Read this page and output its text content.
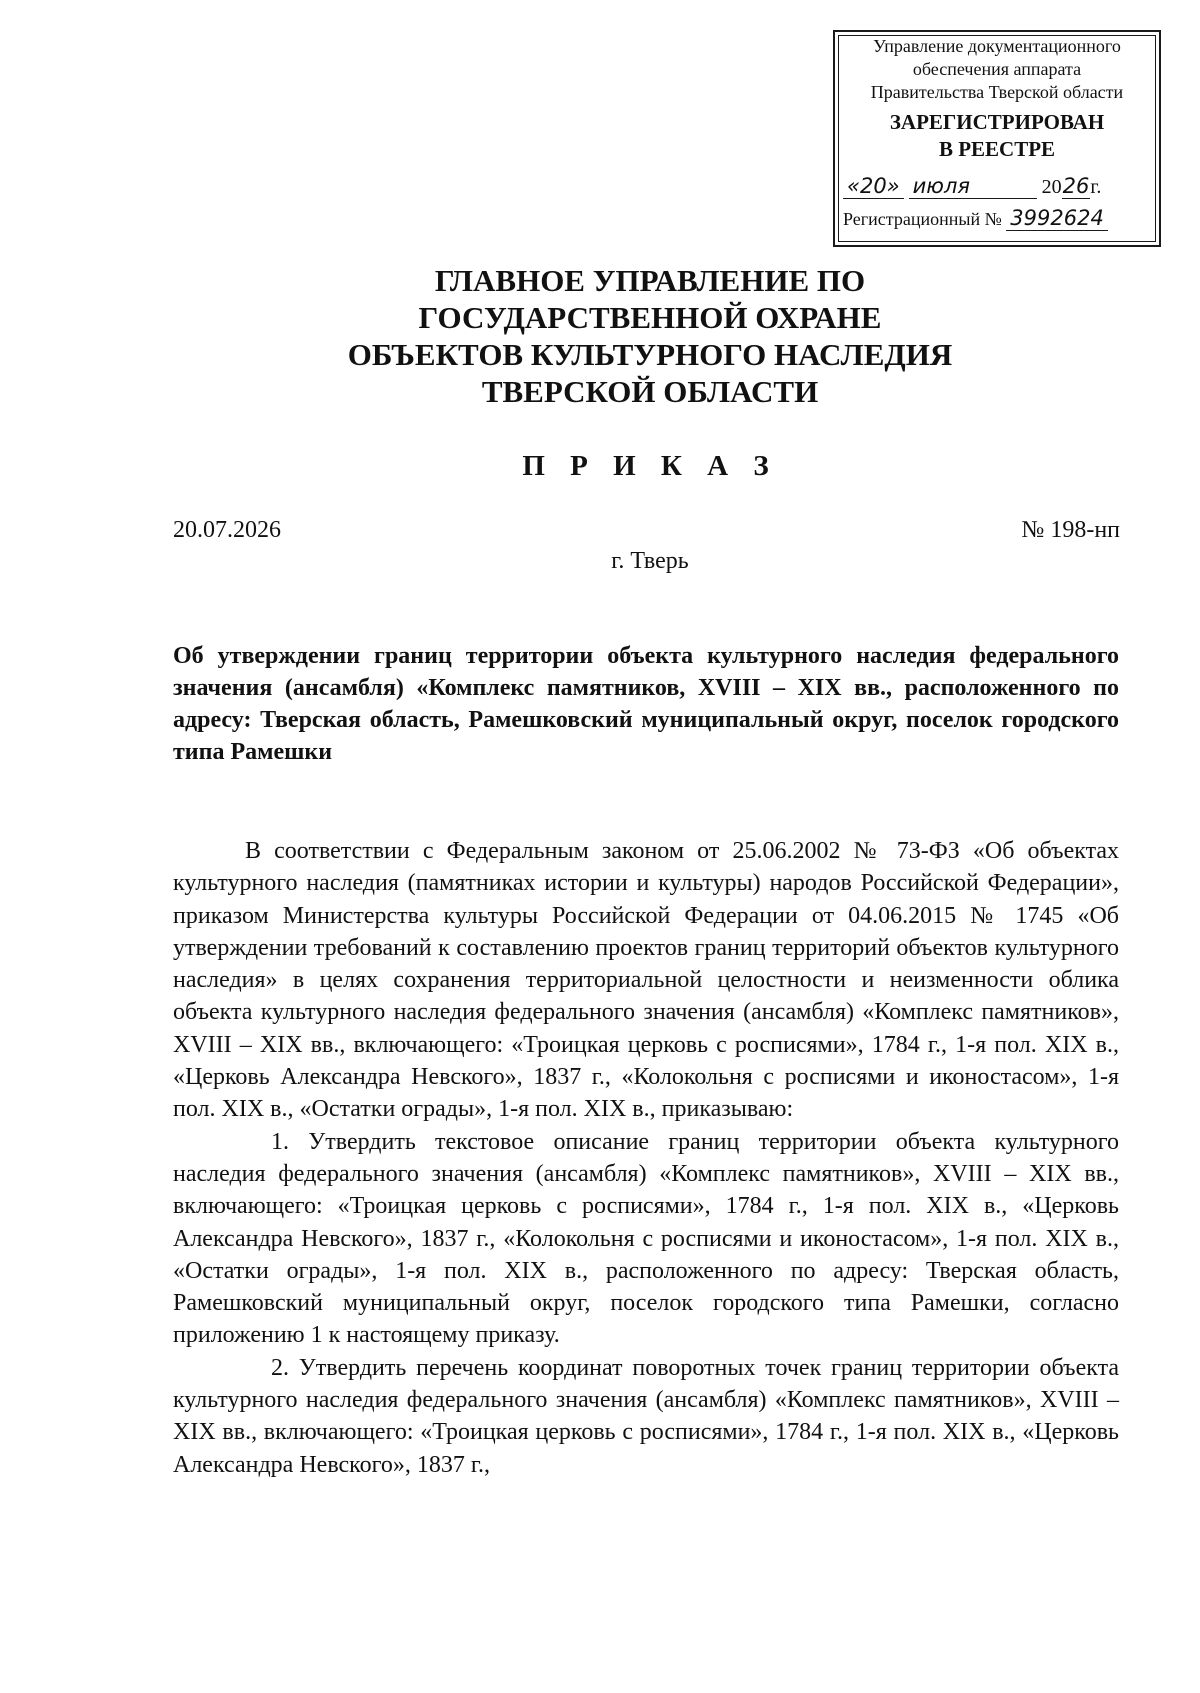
Управление документационного
обеспечения аппарата
Правительства Тверской области
ЗАРЕГИСТРИРОВАН
В РЕЕСТРЕ
«20» июля	2026г.
Регистрационный № 3992624
ГЛАВНОЕ УПРАВЛЕНИЕ ПО
ГОСУДАРСТВЕННОЙ ОХРАНЕ
ОБЪЕКТОВ КУЛЬТУРНОГО НАСЛЕДИЯ
ТВЕРСКОЙ ОБЛАСТИ
П Р И К А З
20.07.2026	№ 198-нп
г. Тверь
Об утверждении границ территории объекта культурного наследия федерального значения (ансамбля) «Комплекс памятников, XVIII – XIX вв., расположенного по адресу: Тверская область, Рамешковский муниципальный округ, поселок городского типа Рамешки

В соответствии с Федеральным законом от 25.06.2002 № 73-ФЗ «Об объектах культурного наследия (памятниках истории и культуры) народов Российской Федерации», приказом Министерства культуры Российской Федерации от 04.06.2015 № 1745 «Об утверждении требований к составлению проектов границ территорий объектов культурного наследия» в целях сохранения территориальной целостности и неизменности облика объекта культурного наследия федерального значения (ансамбля) «Комплекс памятников», XVIII – XIX вв., включающего: «Троицкая церковь с росписями», 1784 г., 1-я пол. XIX в., «Церковь Александра Невского», 1837 г., «Колокольня с росписями и иконостасом», 1-я пол. XIX в., «Остатки ограды», 1-я пол. XIX в., приказываю:

1. Утвердить текстовое описание границ территории объекта культурного наследия федерального значения (ансамбля) «Комплекс памятников», XVIII – XIX вв., включающего: «Троицкая церковь с росписями», 1784 г., 1-я пол. XIX в., «Церковь Александра Невского», 1837 г., «Колокольня с росписями и иконостасом», 1-я пол. XIX в., «Остатки ограды», 1-я пол. XIX в., расположенного по адресу: Тверская область, Рамешковский муниципальный округ, поселок городского типа Рамешки, согласно приложению 1 к настоящему приказу.

2. Утвердить перечень координат поворотных точек границ территории объекта культурного наследия федерального значения (ансамбля) «Комплекс памятников», XVIII – XIX вв., включающего: «Троицкая церковь с росписями», 1784 г., 1-я пол. XIX в., «Церковь Александра Невского», 1837 г.,
